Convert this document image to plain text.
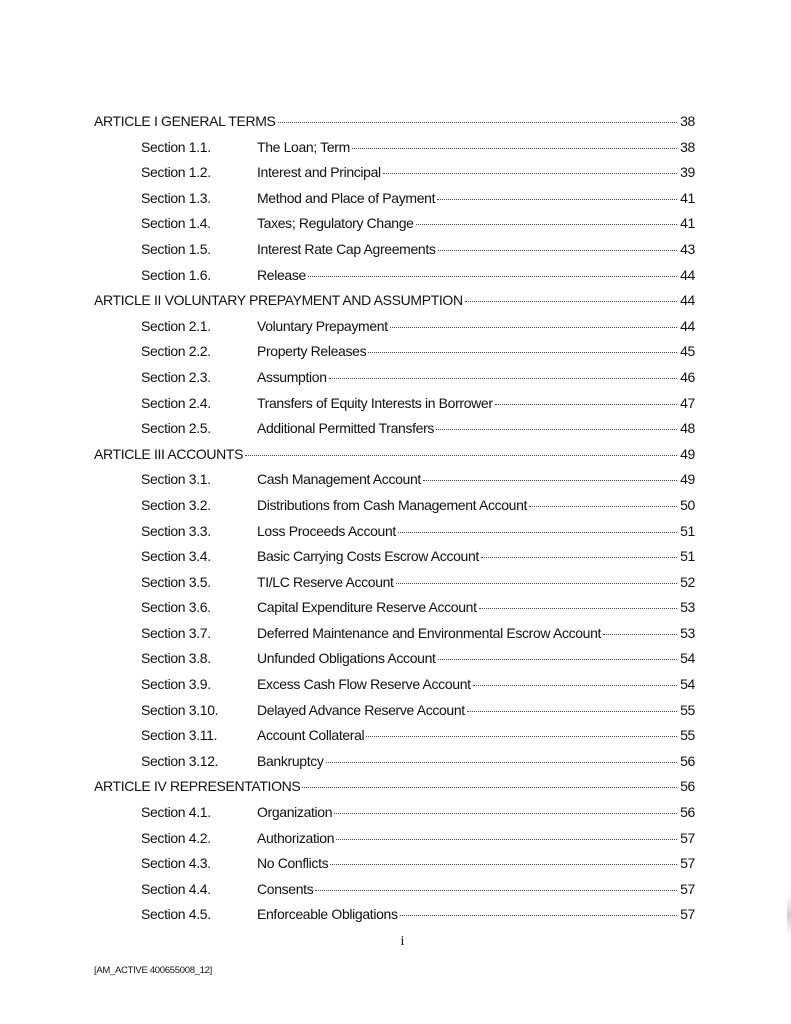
ARTICLE I GENERAL TERMS	38
Section 1.1.	The Loan; Term	38
Section 1.2.	Interest and Principal	39
Section 1.3.	Method and Place of Payment	41
Section 1.4.	Taxes; Regulatory Change	41
Section 1.5.	Interest Rate Cap Agreements	43
Section 1.6.	Release	44
ARTICLE II VOLUNTARY PREPAYMENT AND ASSUMPTION	44
Section 2.1.	Voluntary Prepayment	44
Section 2.2.	Property Releases	45
Section 2.3.	Assumption	46
Section 2.4.	Transfers of Equity Interests in Borrower	47
Section 2.5.	Additional Permitted Transfers	48
ARTICLE III ACCOUNTS	49
Section 3.1.	Cash Management Account	49
Section 3.2.	Distributions from Cash Management Account	50
Section 3.3.	Loss Proceeds Account	51
Section 3.4.	Basic Carrying Costs Escrow Account	51
Section 3.5.	TI/LC Reserve Account	52
Section 3.6.	Capital Expenditure Reserve Account	53
Section 3.7.	Deferred Maintenance and Environmental Escrow Account	53
Section 3.8.	Unfunded Obligations Account	54
Section 3.9.	Excess Cash Flow Reserve Account	54
Section 3.10.	Delayed Advance Reserve Account	55
Section 3.11.	Account Collateral	55
Section 3.12.	Bankruptcy	56
ARTICLE IV REPRESENTATIONS	56
Section 4.1.	Organization	56
Section 4.2.	Authorization	57
Section 4.3.	No Conflicts	57
Section 4.4.	Consents	57
Section 4.5.	Enforceable Obligations	57
i
[AM_ACTIVE 400655008_12]
